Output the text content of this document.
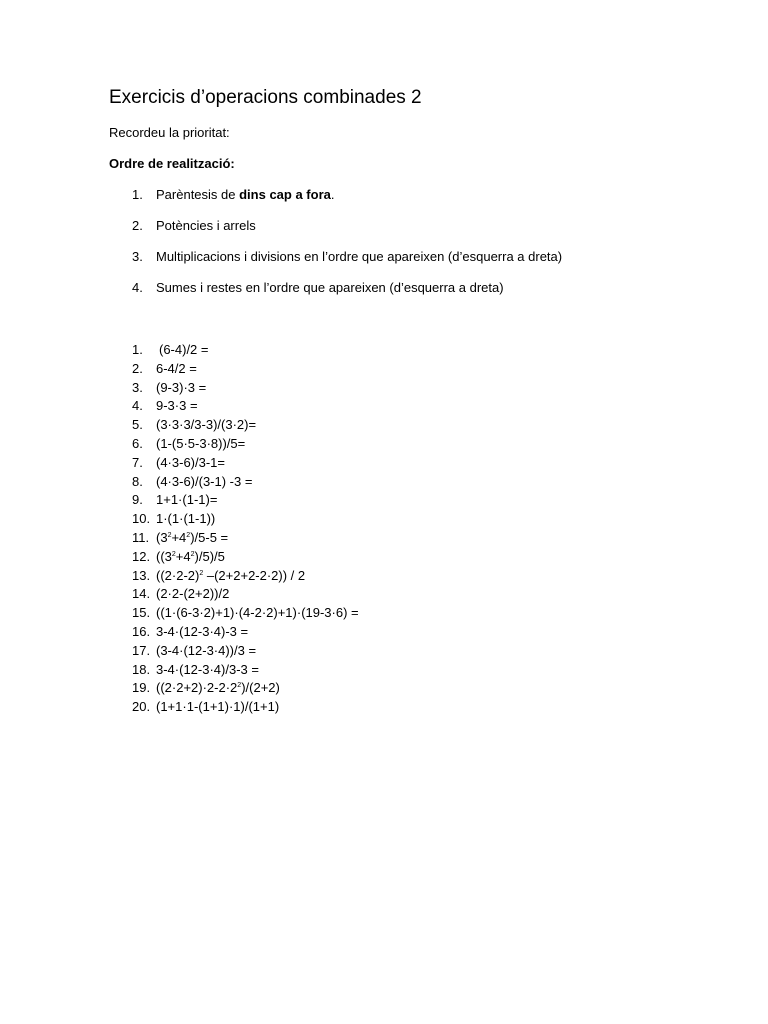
Exercicis d’operacions combinades 2
Recordeu la prioritat:
Ordre de realització:
1. Parèntesis de dins cap a fora.
2. Potències i arrels
3. Multiplicacions i divisions en l’ordre que apareixen (d’esquerra a dreta)
4. Sumes i restes en l’ordre que apareixen (d’esquerra a dreta)
1. (6-4)/2 =
2. 6-4/2 =
3. (9-3)·3 =
4. 9-3·3 =
5. (3·3·3/3-3)/(3·2)=
6. (1-(5·5-3·8))/5=
7. (4·3-6)/3-1=
8. (4·3-6)/(3-1) -3 =
9. 1+1·(1-1)=
10. 1·(1·(1-1))
11. $(3^2+4^2)/5-5$ =
12. $((3^2+4^2)/5)/5$
13. ($(2\cdot 2-2)^2$ –(2+2+2-2·2)) / 2
14. (2·2-(2+2))/2
15. ((1·(6-3·2)+1)·(4-2·2)+1)·(19-3·6) =
16. 3-4·(12-3·4)-3 =
17. (3-4·(12-3·4))/3 =
18. 3-4·(12-3·4)/3-3 =
19. $((2\cdot 2+2)\cdot 2-2\cdot 2^2)/(2+2)$
20. (1+1·1-(1+1)·1)/(1+1)
